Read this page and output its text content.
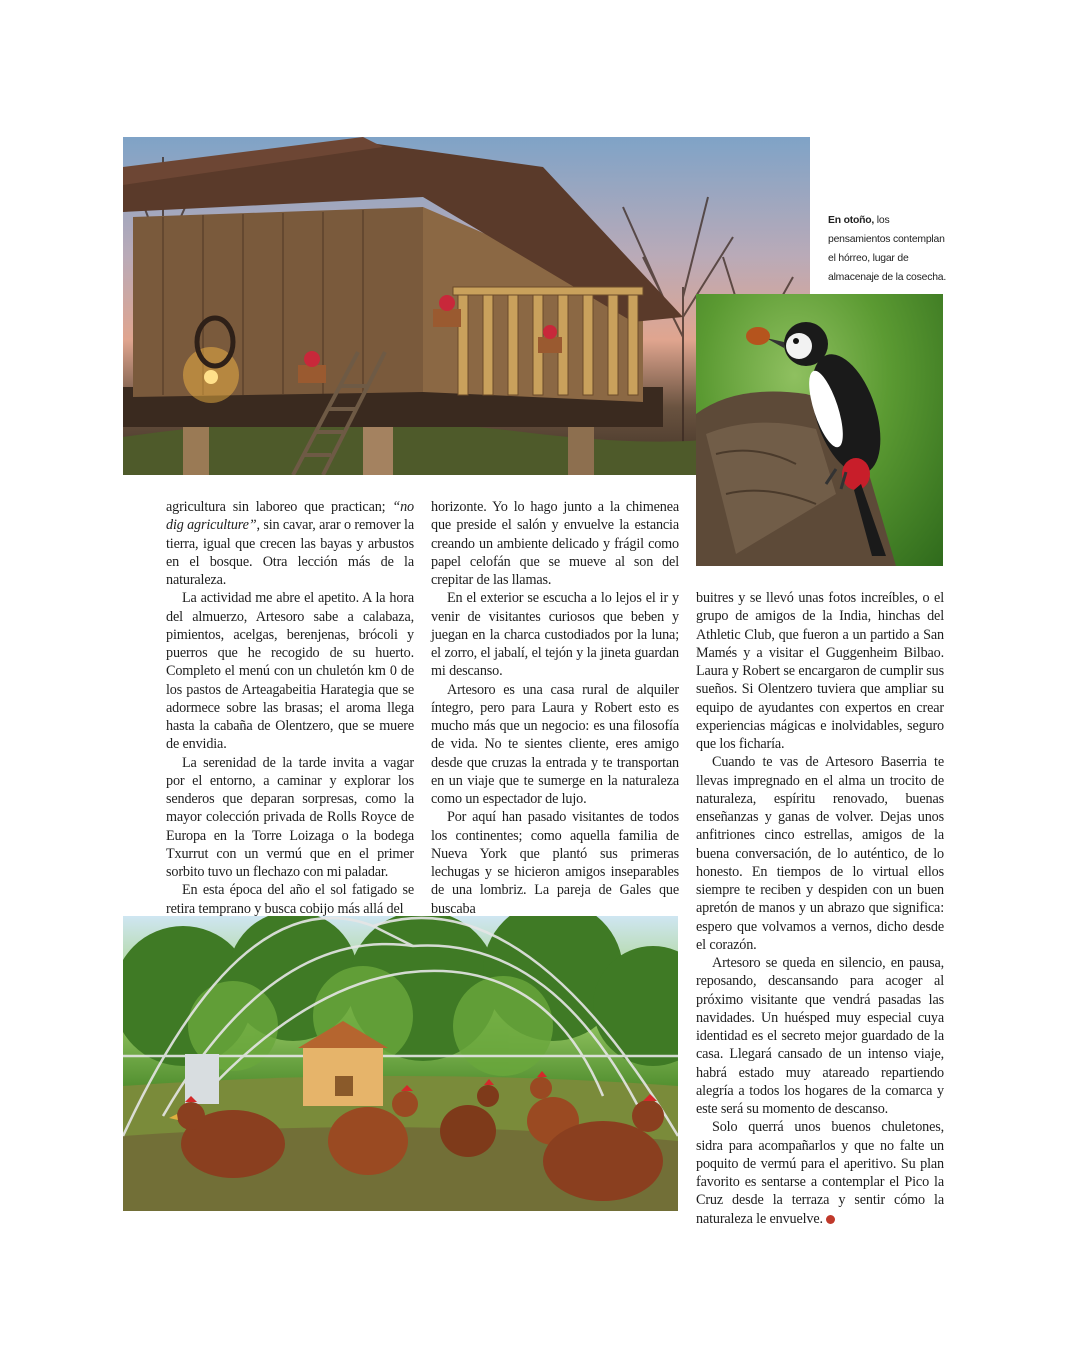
En otoño, los pensamientos contemplan el hórreo, lugar de almacenaje de la cosecha.

agricultura sin laboreo que practican; “no dig agriculture”, sin cavar, arar o remover la tierra, igual que crecen las bayas y arbustos en el bosque. Otra lección más de la naturaleza.

La actividad me abre el apetito. A la hora del almuerzo, Artesoro sabe a calabaza, pimientos, acelgas, berenjenas, brócoli y puerros que he recogido de su huerto. Completo el menú con un chuletón km 0 de los pastos de Arteagabeitia Harategia que se adormece sobre las brasas; el aroma llega hasta la cabaña de Olentzero, que se muere de envidia.

La serenidad de la tarde invita a vagar por el entorno, a caminar y explorar los senderos que deparan sorpresas, como la mayor colección privada de Rolls Royce de Europa en la Torre Loizaga o la bodega Txurrut con un vermú que en el primer sorbito tuvo un flechazo con mi paladar.

En esta época del año el sol fatigado se retira temprano y busca cobijo más allá del

horizonte. Yo lo hago junto a la chimenea que preside el salón y envuelve la estancia creando un ambiente delicado y frágil como papel celofán que se mueve al son del crepitar de las llamas.

En el exterior se escucha a lo lejos el ir y venir de visitantes curiosos que beben y juegan en la charca custodiados por la luna; el zorro, el jabalí, el tejón y la jineta guardan mi descanso.

Artesoro es una casa rural de alquiler íntegro, pero para Laura y Robert esto es mucho más que un negocio: es una filosofía de vida. No te sientes cliente, eres amigo desde que cruzas la entrada y te transportan en un viaje que te sumerge en la naturaleza como un espectador de lujo.

Por aquí han pasado visitantes de todos los continentes; como aquella familia de Nueva York que plantó sus primeras lechugas y se hicieron amigos inseparables de una lombriz. La pareja de Gales que buscaba

buitres y se llevó unas fotos increíbles, o el grupo de amigos de la India, hinchas del Athletic Club, que fueron a un partido a San Mamés y a visitar el Guggenheim Bilbao. Laura y Robert se encargaron de cumplir sus sueños. Si Olentzero tuviera que ampliar su equipo de ayudantes con expertos en crear experiencias mágicas e inolvidables, seguro que los ficharía.

Cuando te vas de Artesoro Baserria te llevas impregnado en el alma un trocito de naturaleza, espíritu renovado, buenas enseñanzas y ganas de volver. Dejas unos anfitriones cinco estrellas, amigos de la buena conversación, de lo auténtico, de lo honesto. En tiempos de lo virtual ellos siempre te reciben y despiden con un buen apretón de manos y un abrazo que significa: espero que volvamos a vernos, dicho desde el corazón.

Artesoro se queda en silencio, en pausa, reposando, descansando para acoger al próximo visitante que vendrá pasadas las navidades. Un huésped muy especial cuya identidad es el secreto mejor guardado de la casa. Llegará cansado de un intenso viaje, habrá estado muy atareado repartiendo alegría a todos los hogares de la comarca y este será su momento de descanso.

Solo querrá unos buenos chuletones, sidra para acompañarlos y que no falte un poquito de vermú para el aperitivo. Su plan favorito es sentarse a contemplar el Pico la Cruz desde la terraza y sentir cómo la naturaleza le envuelve.
